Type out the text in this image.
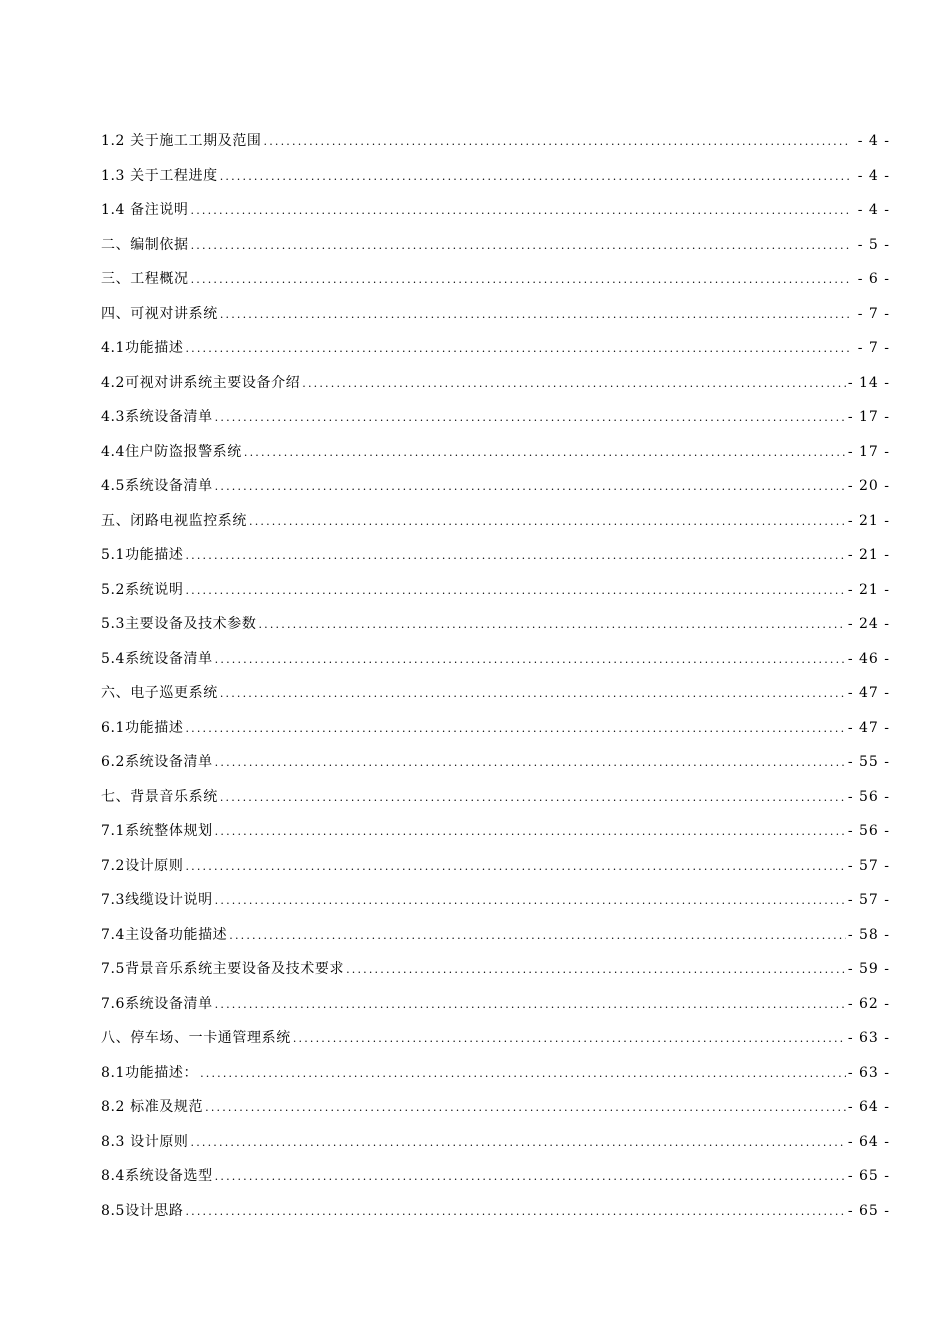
1.2 关于施工工期及范围 .....	- 4 -
1.3 关于工程进度 .....	- 4 -
1.4 备注说明 .....	- 4 -
二、编制依据 .....	- 5 -
三、工程概况 .....	- 6 -
四、可视对讲系统 .....	- 7 -
4.1功能描述 .....	- 7 -
4.2可视对讲系统主要设备介绍 .....	- 14 -
4.3系统设备清单 .....	- 17 -
4.4住户防盗报警系统 .....	- 17 -
4.5系统设备清单 .....	- 20 -
五、闭路电视监控系统 .....	- 21 -
5.1功能描述 .....	- 21 -
5.2系统说明 .....	- 21 -
5.3主要设备及技术参数 .....	- 24 -
5.4系统设备清单 .....	- 46 -
六、电子巡更系统 .....	- 47 -
6.1功能描述 .....	- 47 -
6.2系统设备清单 .....	- 55 -
七、背景音乐系统 .....	- 56 -
7.1系统整体规划 .....	- 56 -
7.2设计原则 .....	- 57 -
7.3线缆设计说明 .....	- 57 -
7.4主设备功能描述 .....	- 58 -
7.5背景音乐系统主要设备及技术要求 .....	- 59 -
7.6系统设备清单 .....	- 62 -
八、停车场、一卡通管理系统 .....	- 63 -
8.1功能描述： .....	- 63 -
8.2 标准及规范 .....	- 64 -
8.3 设计原则 .....	- 64 -
8.4系统设备选型 .....	- 65 -
8.5设计思路 .....	- 65 -
